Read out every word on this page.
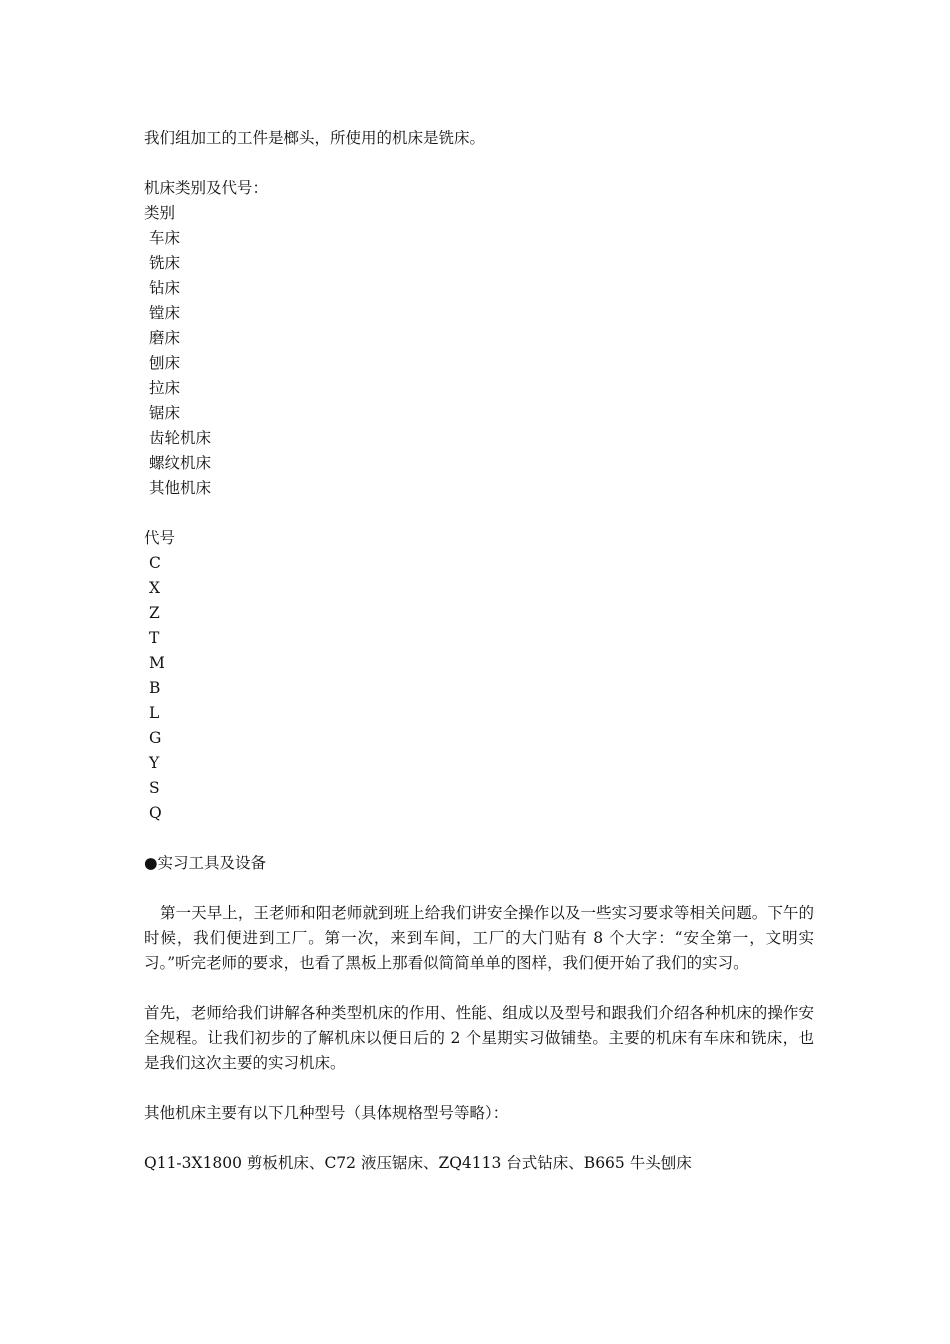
我们组加工的工件是榔头，所使用的机床是铣床。
机床类别及代号：
类别
车床
铣床
钻床
镗床
磨床
刨床
拉床
锯床
齿轮机床
螺纹机床
其他机床
代号
C
X
Z
T
M
B
L
G
Y
S
Q
●实习工具及设备

第一天早上，王老师和阳老师就到班上给我们讲安全操作以及一些实习要求等相关问题。下午的时候，我们便进到工厂。第一次，来到车间，工厂的大门贴有 8 个大字：“安全第一，文明实习。”听完老师的要求，也看了黑板上那看似简简单单的图样，我们便开始了我们的实习。

首先，老师给我们讲解各种类型机床的作用、性能、组成以及型号和跟我们介绍各种机床的操作安全规程。让我们初步的了解机床以便日后的 2 个星期实习做铺垫。主要的机床有车床和铣床，也是我们这次主要的实习机床。

其他机床主要有以下几种型号（具体规格型号等略）：

Q11-3X1800 剪板机床、C72 液压锯床、ZQ4113 台式钻床、B665 牛头刨床
